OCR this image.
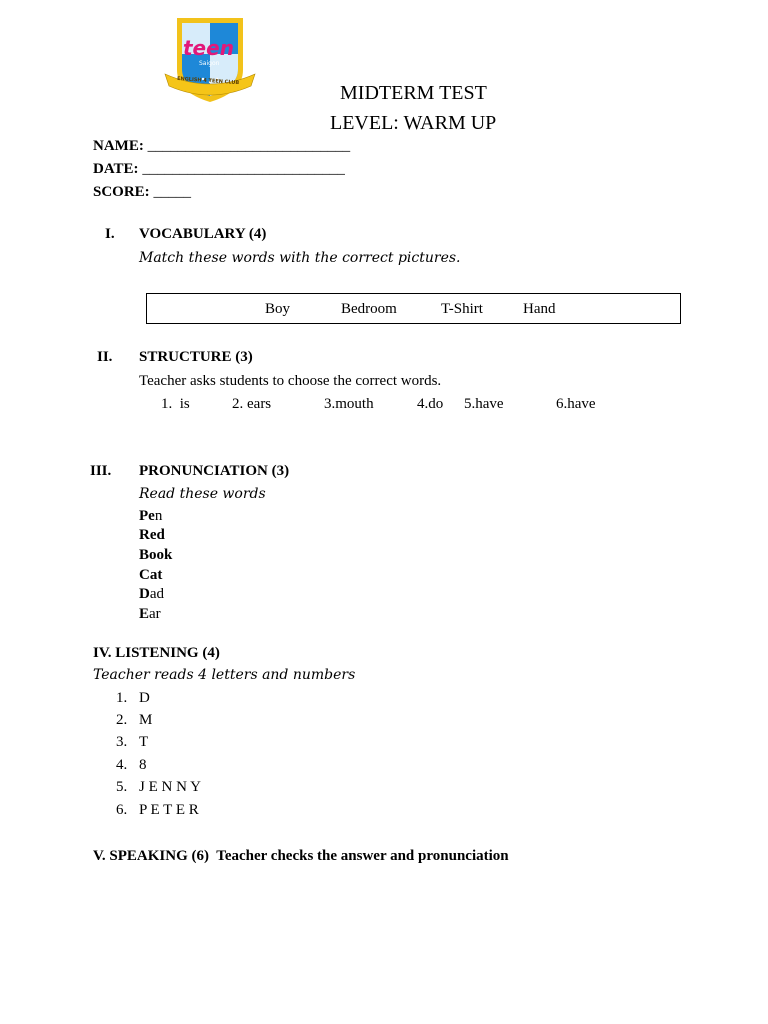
teen
Saigon
ENGLISH 4 TEEN CLUB
MIDTERM TEST
LEVEL: WARM UP
NAME: ___________________________
DATE: ___________________________
SCORE: _____
I. VOCABULARY (4)
Match these words with the correct pictures.
Boy	Bedroom	T-Shirt	Hand
II. STRUCTURE (3)
Teacher asks students to choose the correct words.
1.  is	2. ears	3.mouth	4.do 5.have	6.have
III. PRONUNCIATION (3)
Read these words
Pen
Red
Book
Cat
Dad
Ear
IV. LISTENING (4)
Teacher reads 4 letters and numbers
1. D
2. M
3. T
4. 8
5. J E N N Y
6. P E T E R
V. SPEAKING (6)  Teacher checks the answer and pronunciation
